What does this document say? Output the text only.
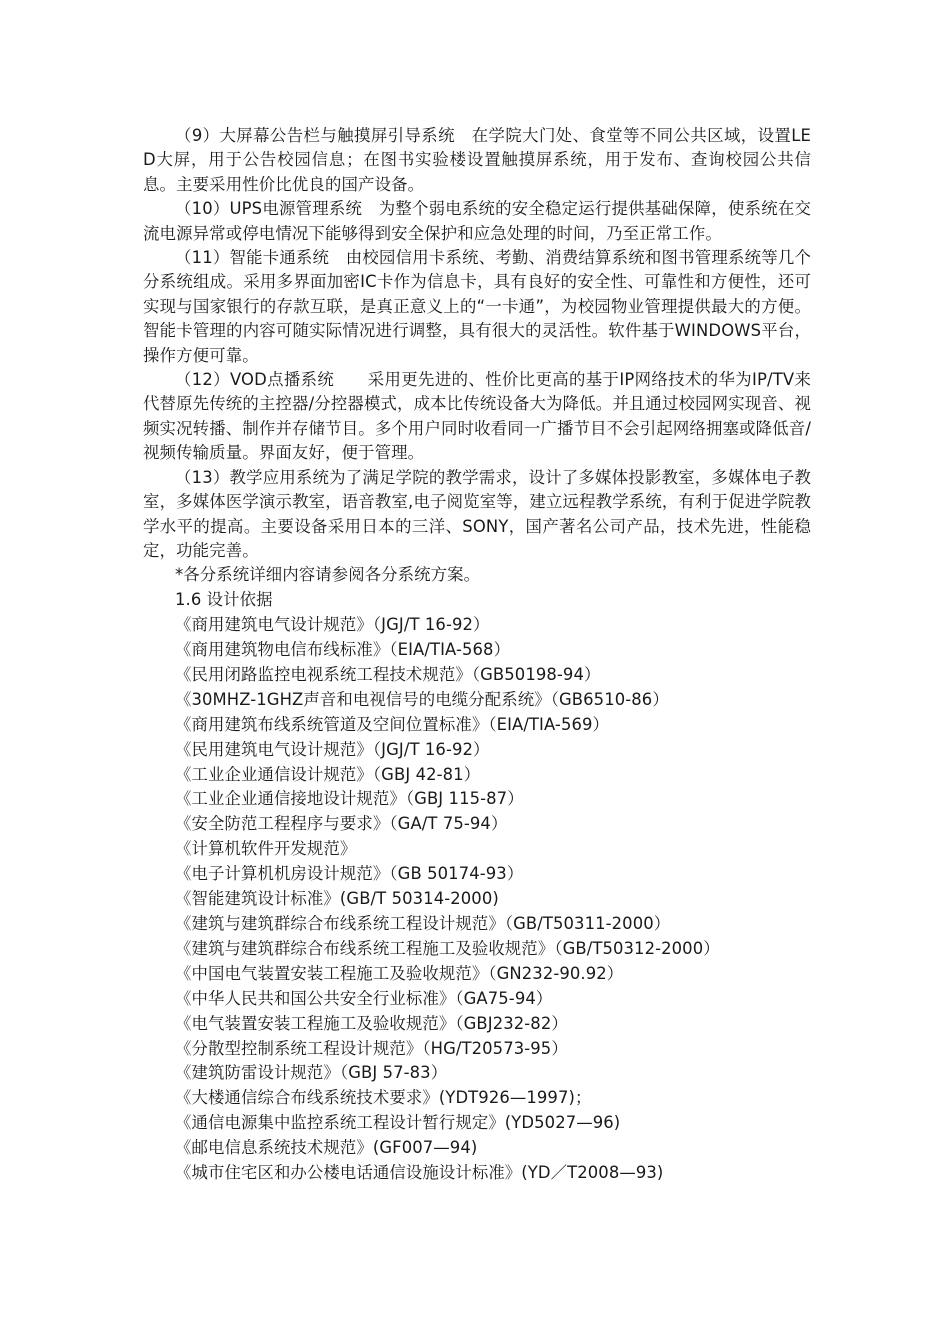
（9）大屏幕公告栏与触摸屏引导系统　在学院大门处、食堂等不同公共区域，设置LED大屏，用于公告校园信息；在图书实验楼设置触摸屏系统，用于发布、查询校园公共信息。主要采用性价比优良的国产设备。

（10）UPS电源管理系统　为整个弱电系统的安全稳定运行提供基础保障，使系统在交流电源异常或停电情况下能够得到安全保护和应急处理的时间，乃至正常工作。

（11）智能卡通系统　由校园信用卡系统、考勤、消费结算系统和图书管理系统等几个分系统组成。采用多界面加密IC卡作为信息卡，具有良好的安全性、可靠性和方便性，还可实现与国家银行的存款互联，是真正意义上的“一卡通”，为校园物业管理提供最大的方便。智能卡管理的内容可随实际情况进行调整，具有很大的灵活性。软件基于WINDOWS平台，操作方便可靠。

（12）VOD点播系统　　采用更先进的、性价比更高的基于IP网络技术的华为IP/TV来代替原先传统的主控器/分控器模式，成本比传统设备大为降低。并且通过校园网实现音、视频实况转播、制作并存储节目。多个用户同时收看同一广播节目不会引起网络拥塞或降低音/视频传输质量。界面友好，便于管理。

（13）教学应用系统为了满足学院的教学需求，设计了多媒体投影教室，多媒体电子教室，多媒体医学演示教室，语音教室,电子阅览室等，建立远程教学系统，有利于促进学院教学水平的提高。主要设备采用日本的三洋、SONY，国产著名公司产品，技术先进，性能稳定，功能完善。

*各分系统详细内容请参阅各分系统方案。

1.6 设计依据

《商用建筑电气设计规范》（JGJ/T 16-92）

《商用建筑物电信布线标准》（EIA/TIA-568）

《民用闭路监控电视系统工程技术规范》（GB50198-94）

《30MHZ-1GHZ声音和电视信号的电缆分配系统》（GB6510-86）

《商用建筑布线系统管道及空间位置标准》（EIA/TIA-569）

《民用建筑电气设计规范》（JGJ/T 16-92）

《工业企业通信设计规范》（GBJ 42-81）

《工业企业通信接地设计规范》（GBJ 115-87）

《安全防范工程程序与要求》（GA/T 75-94）

《计算机软件开发规范》

《电子计算机机房设计规范》（GB 50174-93）

《智能建筑设计标准》(GB/T 50314-2000)

《建筑与建筑群综合布线系统工程设计规范》（GB/T50311-2000）

《建筑与建筑群综合布线系统工程施工及验收规范》（GB/T50312-2000）

《中国电气装置安装工程施工及验收规范》（GN232-90.92）

《中华人民共和国公共安全行业标准》（GA75-94）

《电气装置安装工程施工及验收规范》（GBJ232-82）

《分散型控制系统工程设计规范》（HG/T20573-95）

《建筑防雷设计规范》（GBJ 57-83）

《大楼通信综合布线系统技术要求》(YDT926—1997)；

《通信电源集中监控系统工程设计暂行规定》(YD5027—96)

《邮电信息系统技术规范》(GF007—94)

《城市住宅区和办公楼电话通信设施设计标准》(YD／T2008—93)
